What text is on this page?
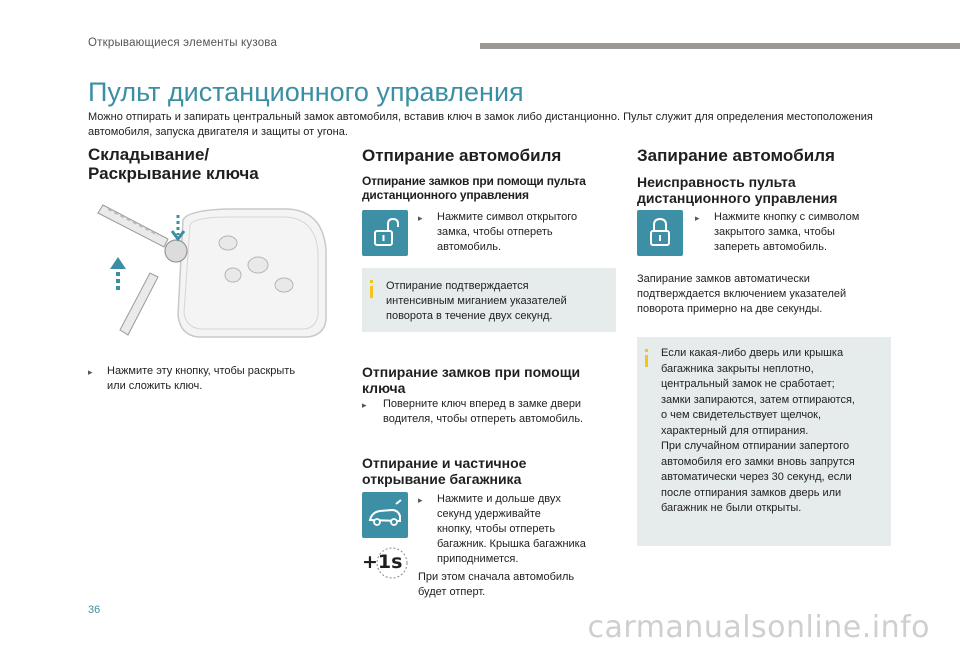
Открывающиеся элементы кузова
Пульт дистанционного управления

Можно отпирать и запирать центральный замок автомобиля, вставив ключ в замок либо дистанционно. Пульт служит для определения местоположения автомобиля, запуска двигателя и защиты от угона.

Складывание/
Раскрывание ключа
▸ Нажмите эту кнопку, чтобы раскрыть
или сложить ключ.
Отпирание автомобиля
Отпирание замков при помощи пульта
дистанционного управления
▸ Нажмите символ открытого
замка, чтобы отпереть
автомобиль.
Отпирание подтверждается
интенсивным миганием указателей
поворота в течение двух секунд.
Отпирание замков при помощи
ключа
▸ Поверните ключ вперед в замке двери
водителя, чтобы отпереть автомобиль.
Отпирание и частичное
открывание багажника
+1s
▸ Нажмите и дольше двух
секунд удерживайте
кнопку, чтобы отпереть
багажник. Крышка багажника
приподнимется.
При этом сначала автомобиль
будет отперт.
Запирание автомобиля
Неисправность пульта
дистанционного управления
▸ Нажмите кнопку с символом
закрытого замка, чтобы
запереть автомобиль.
Запирание замков автоматически
подтверждается включением указателей
поворота примерно на две секунды.
Если какая-либо дверь или крышка
багажника закрыты неплотно,
центральный замок не сработает;
замки запираются, затем отпираются,
о чем свидетельствует щелчок,
характерный для отпирания.
При случайном отпирании запертого
автомобиля его замки вновь запрутся
автоматически через 30 секунд, если
после отпирания замков дверь или
багажник не были открыты.
36	carmanualsonline.info
